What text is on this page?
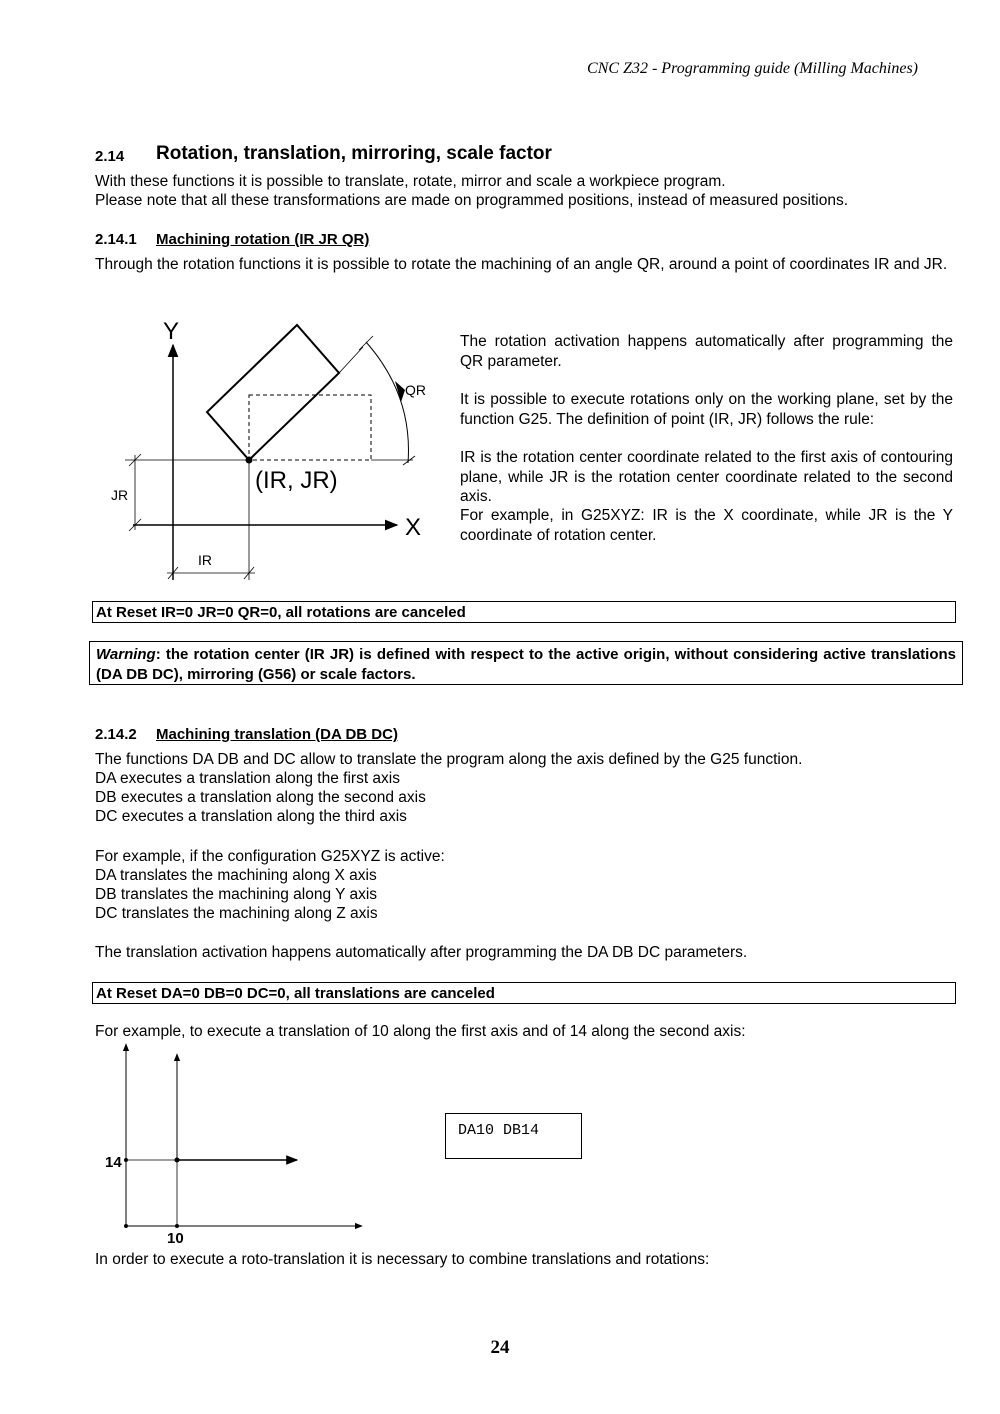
CNC Z32 - Programming guide (Milling Machines)
2.14 Rotation, translation, mirroring, scale factor
With these functions it is possible to translate, rotate, mirror and scale a workpiece program.
Please note that all these transformations are made on programmed positions, instead of measured positions.
2.14.1 Machining rotation (IR JR QR)
Through the rotation functions it is possible to rotate the machining of an angle QR, around a point of coordinates IR and JR.
Y
X
QR
(IR, JR)
JR
IR
The rotation activation happens automatically after programming the QR parameter.
It is possible to execute rotations only on the working plane, set by the function G25. The definition of point (IR, JR) follows the rule:
IR is the rotation center coordinate related to the first axis of contouring plane, while JR is the rotation center coordinate related to the second axis.
For example, in G25XYZ: IR is the X coordinate, while JR is the Y coordinate of rotation center.
At Reset IR=0 JR=0 QR=0, all rotations are canceled
Warning: the rotation center (IR JR) is defined with respect to the active origin, without considering active translations (DA DB DC), mirroring (G56) or scale factors.
2.14.2 Machining translation (DA DB DC)
The functions DA DB and DC allow to translate the program along the axis defined by the G25 function.
DA executes a translation along the first axis
DB executes a translation along the second axis
DC executes a translation along the third axis
For example, if the configuration G25XYZ is active:
DA translates the machining along X axis
DB translates the machining along Y axis
DC translates the machining along Z axis
The translation activation happens automatically after programming the DA DB DC parameters.
At Reset DA=0 DB=0 DC=0, all translations are canceled
For example, to execute a translation of 10 along the first axis and of 14 along the second axis:
14
10
DA10 DB14
In order to execute a roto-translation it is necessary to combine translations and rotations:
24
